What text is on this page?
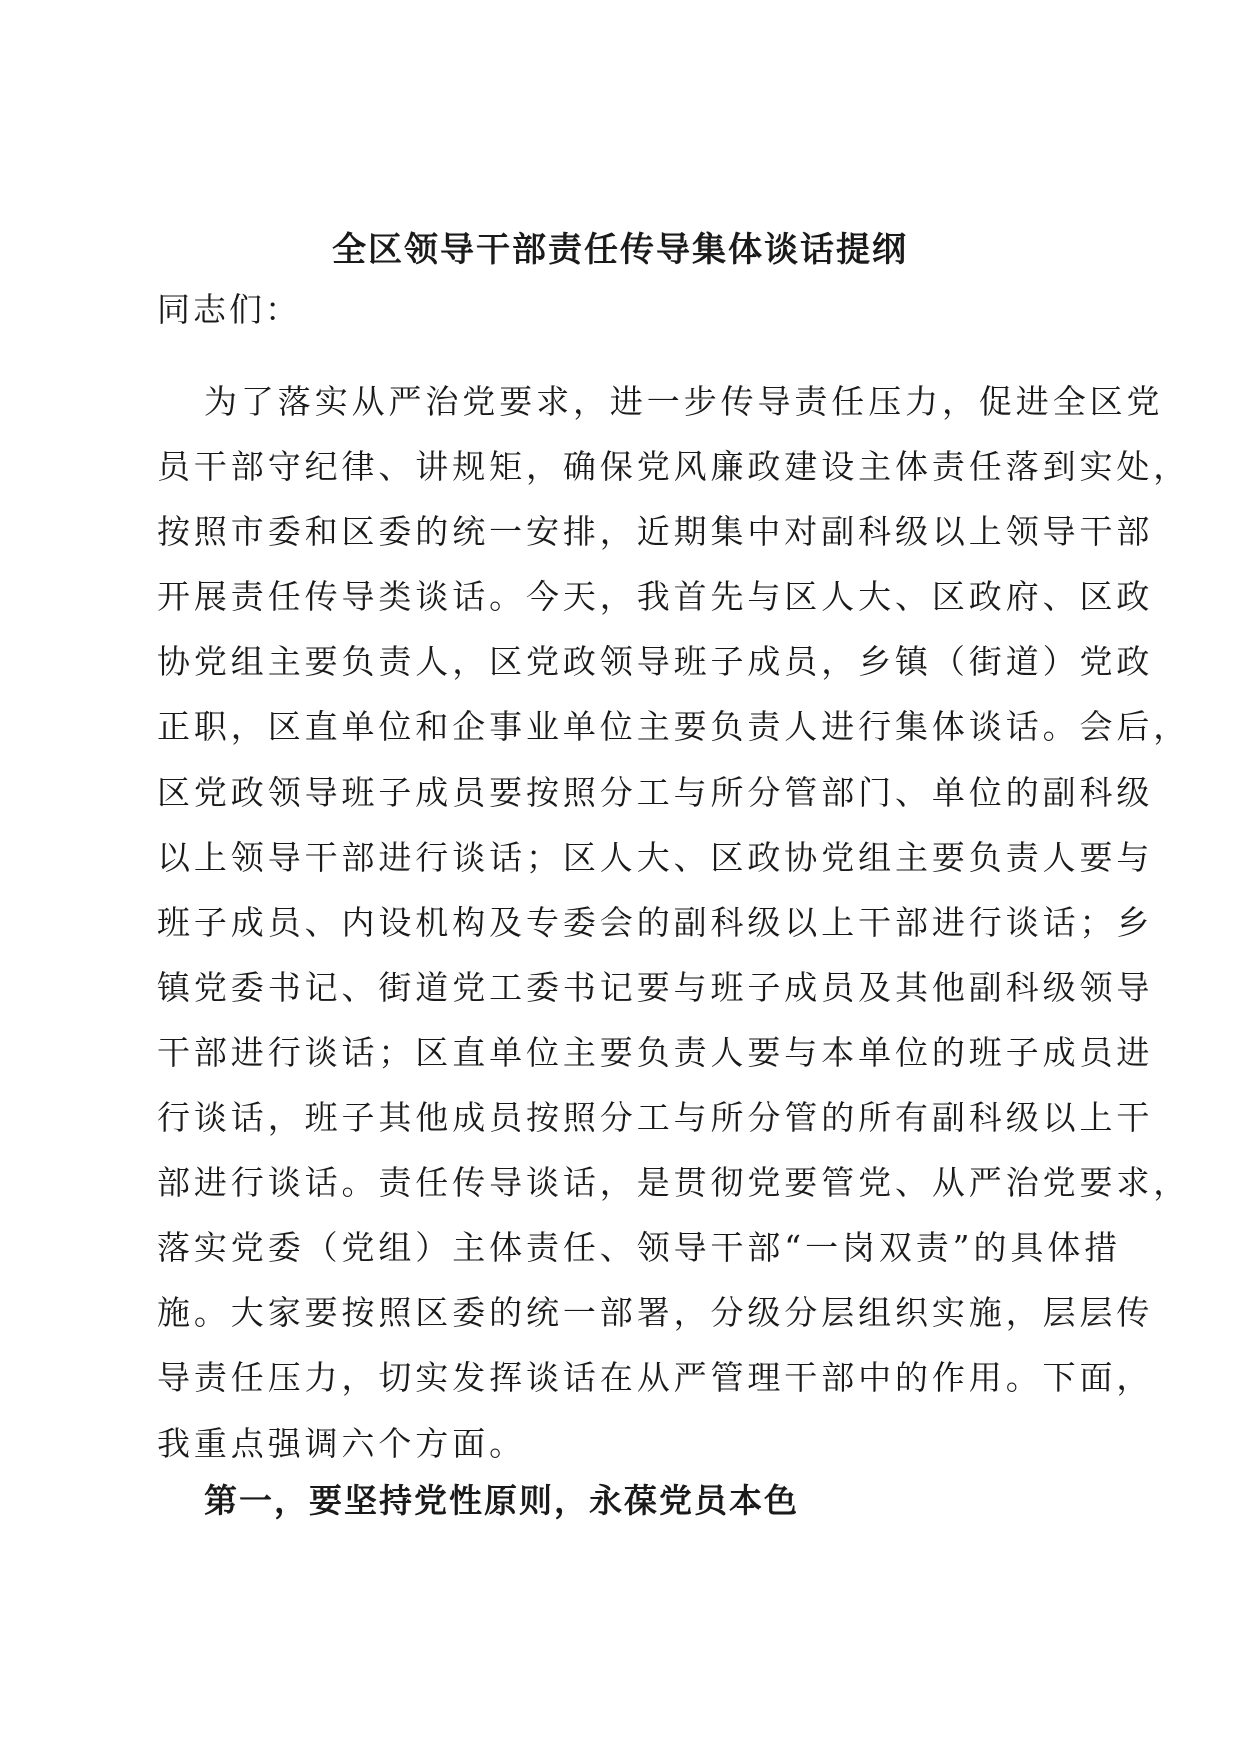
全区领导干部责任传导集体谈话提纲
同志们：
为了落实从严治党要求，进一步传导责任压力，促进全区党
员干部守纪律、讲规矩，确保党风廉政建设主体责任落到实处，
按照市委和区委的统一安排，近期集中对副科级以上领导干部
开展责任传导类谈话。今天，我首先与区人大、区政府、区政
协党组主要负责人，区党政领导班子成员，乡镇（街道）党政
正职，区直单位和企事业单位主要负责人进行集体谈话。会后，
区党政领导班子成员要按照分工与所分管部门、单位的副科级
以上领导干部进行谈话；区人大、区政协党组主要负责人要与
班子成员、内设机构及专委会的副科级以上干部进行谈话；乡
镇党委书记、街道党工委书记要与班子成员及其他副科级领导
干部进行谈话；区直单位主要负责人要与本单位的班子成员进
行谈话，班子其他成员按照分工与所分管的所有副科级以上干
部进行谈话。责任传导谈话，是贯彻党要管党、从严治党要求，
落实党委（党组）主体责任、领导干部“一岗双责”的具体措
施。大家要按照区委的统一部署，分级分层组织实施，层层传
导责任压力，切实发挥谈话在从严管理干部中的作用。下面，
我重点强调六个方面。
第一，要坚持党性原则，永葆党员本色
